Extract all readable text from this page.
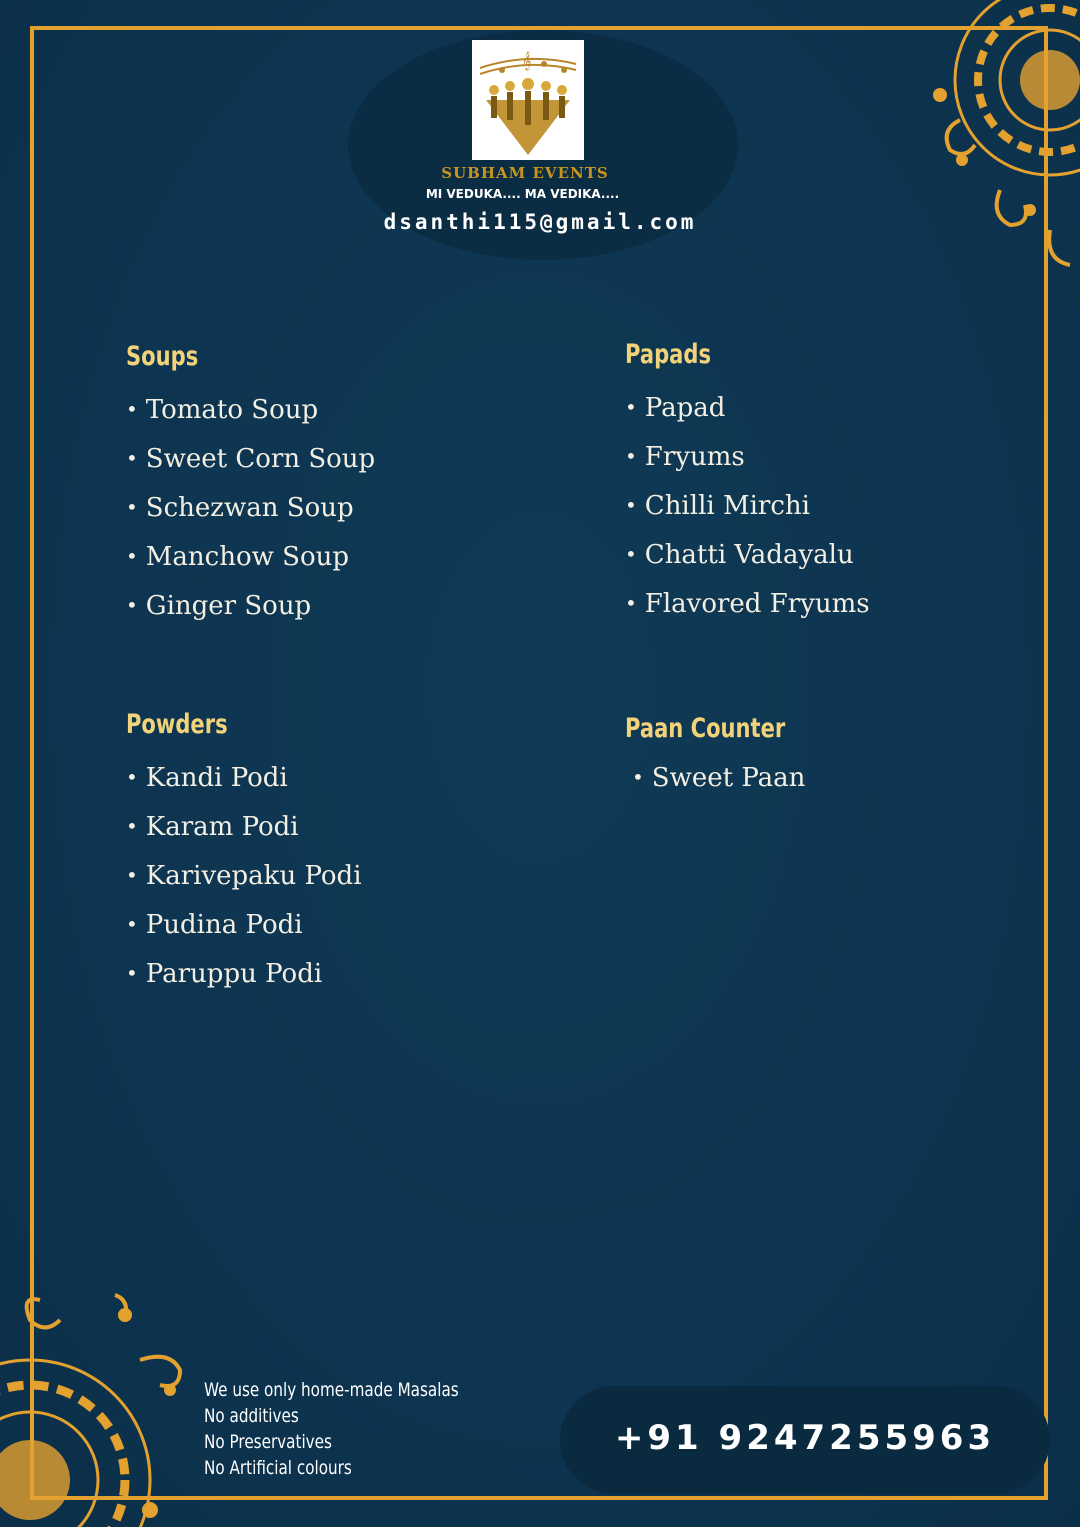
𝄞
SUBHAM EVENTS
MI VEDUKA.... MA VEDIKA....
dsanthi115@gmail.com
Soups
• Tomato Soup
• Sweet Corn Soup
• Schezwan Soup
• Manchow Soup
• Ginger Soup
Papads
• Papad
• Fryums
• Chilli Mirchi
• Chatti Vadayalu
• Flavored Fryums
Powders
• Kandi Podi
• Karam Podi
• Karivepaku Podi
• Pudina Podi
• Paruppu Podi
Paan Counter
• Sweet Paan
We use only home-made Masalas
No additives
No Preservatives
No Artificial colours
+91 9247255963
